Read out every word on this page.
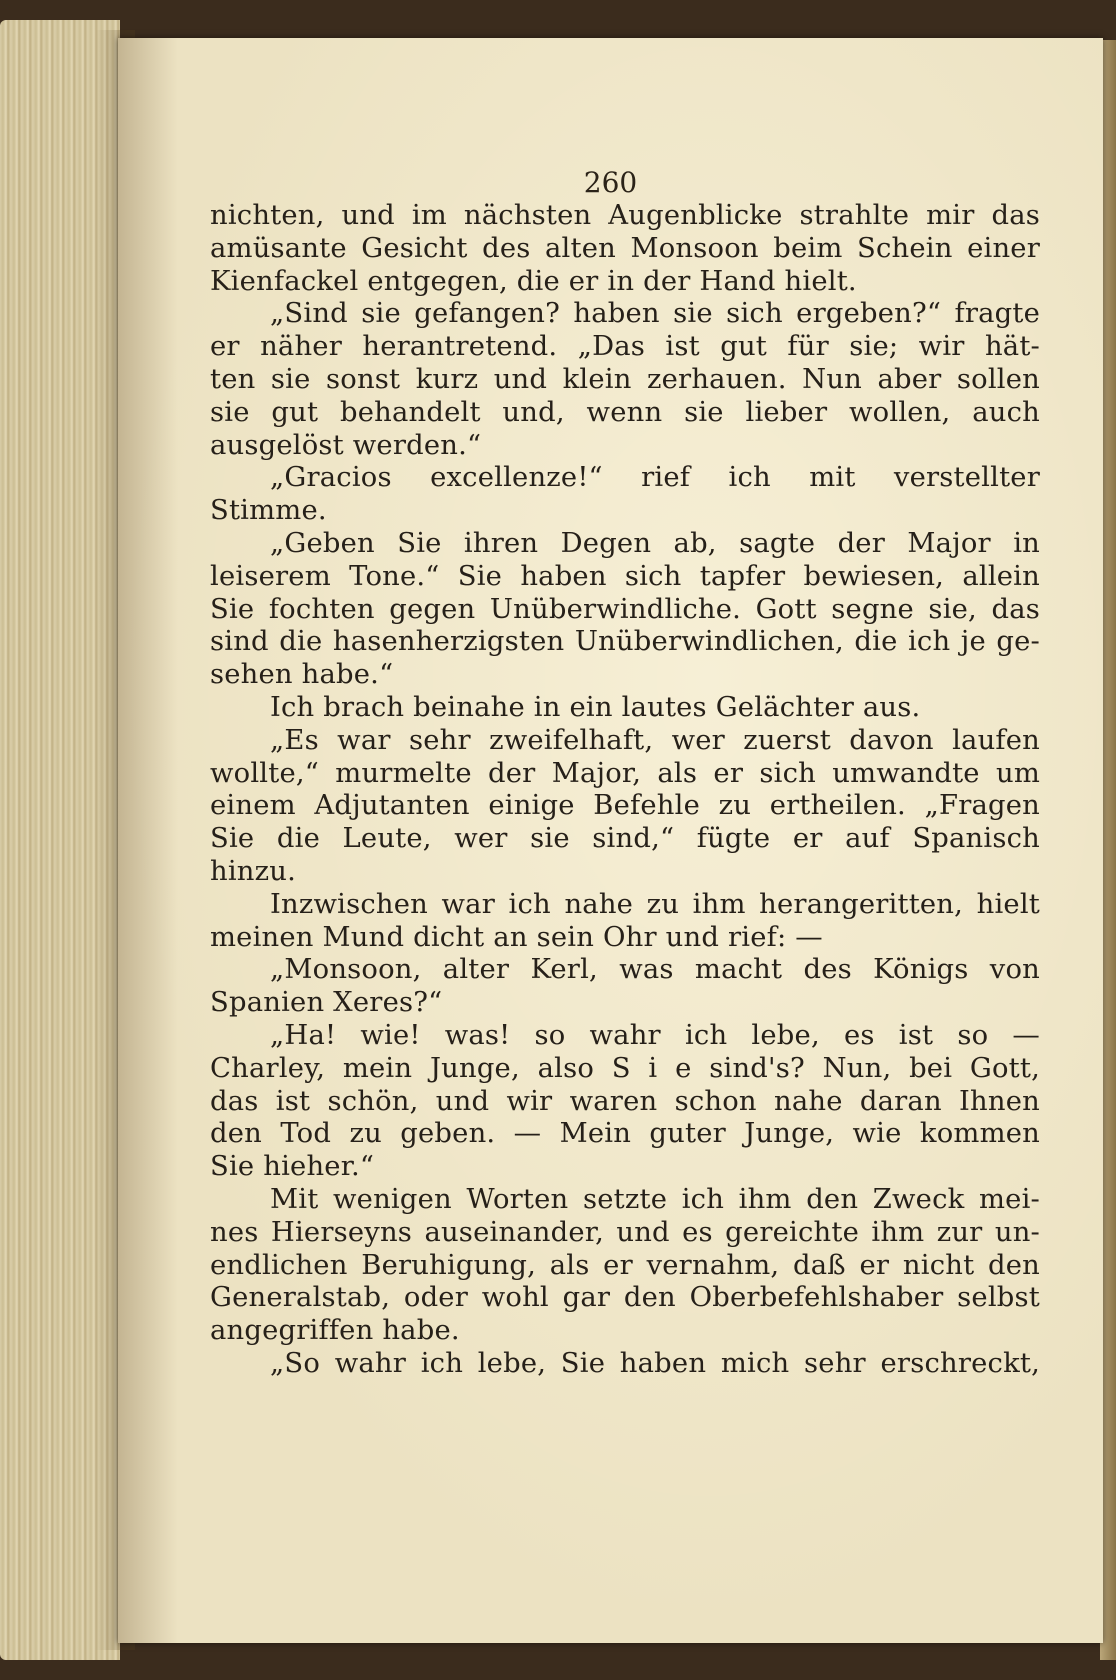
260
nichten, und im nächsten Augenblicke strahlte mir das
amüsante Gesicht des alten Monsoon beim Schein einer
Kienfackel entgegen, die er in der Hand hielt.
„Sind sie gefangen? haben sie sich ergeben?“ fragte
er näher herantretend. „Das ist gut für sie; wir hät-
ten sie sonst kurz und klein zerhauen. Nun aber sollen
sie gut behandelt und, wenn sie lieber wollen, auch
ausgelöst werden.“
„Gracios excellenze!“ rief ich mit verstellter
Stimme.
„Geben Sie ihren Degen ab, sagte der Major in
leiserem Tone.“ Sie haben sich tapfer bewiesen, allein
Sie fochten gegen Unüberwindliche. Gott segne sie, das
sind die hasenherzigsten Unüberwindlichen, die ich je ge-
sehen habe.“
Ich brach beinahe in ein lautes Gelächter aus.
„Es war sehr zweifelhaft, wer zuerst davon laufen
wollte,“ murmelte der Major, als er sich umwandte um
einem Adjutanten einige Befehle zu ertheilen. „Fragen
Sie die Leute, wer sie sind,“ fügte er auf Spanisch
hinzu.
Inzwischen war ich nahe zu ihm herangeritten, hielt
meinen Mund dicht an sein Ohr und rief: —
„Monsoon, alter Kerl, was macht des Königs von
Spanien Xeres?“
„Ha! wie! was! so wahr ich lebe, es ist so —
Charley, mein Junge, also S i e sind's? Nun, bei Gott,
das ist schön, und wir waren schon nahe daran Ihnen
den Tod zu geben. — Mein guter Junge, wie kommen
Sie hieher.“
Mit wenigen Worten setzte ich ihm den Zweck mei-
nes Hierseyns auseinander, und es gereichte ihm zur un-
endlichen Beruhigung, als er vernahm, daß er nicht den
Generalstab, oder wohl gar den Oberbefehlshaber selbst
angegriffen habe.
„So wahr ich lebe, Sie haben mich sehr erschreckt,
